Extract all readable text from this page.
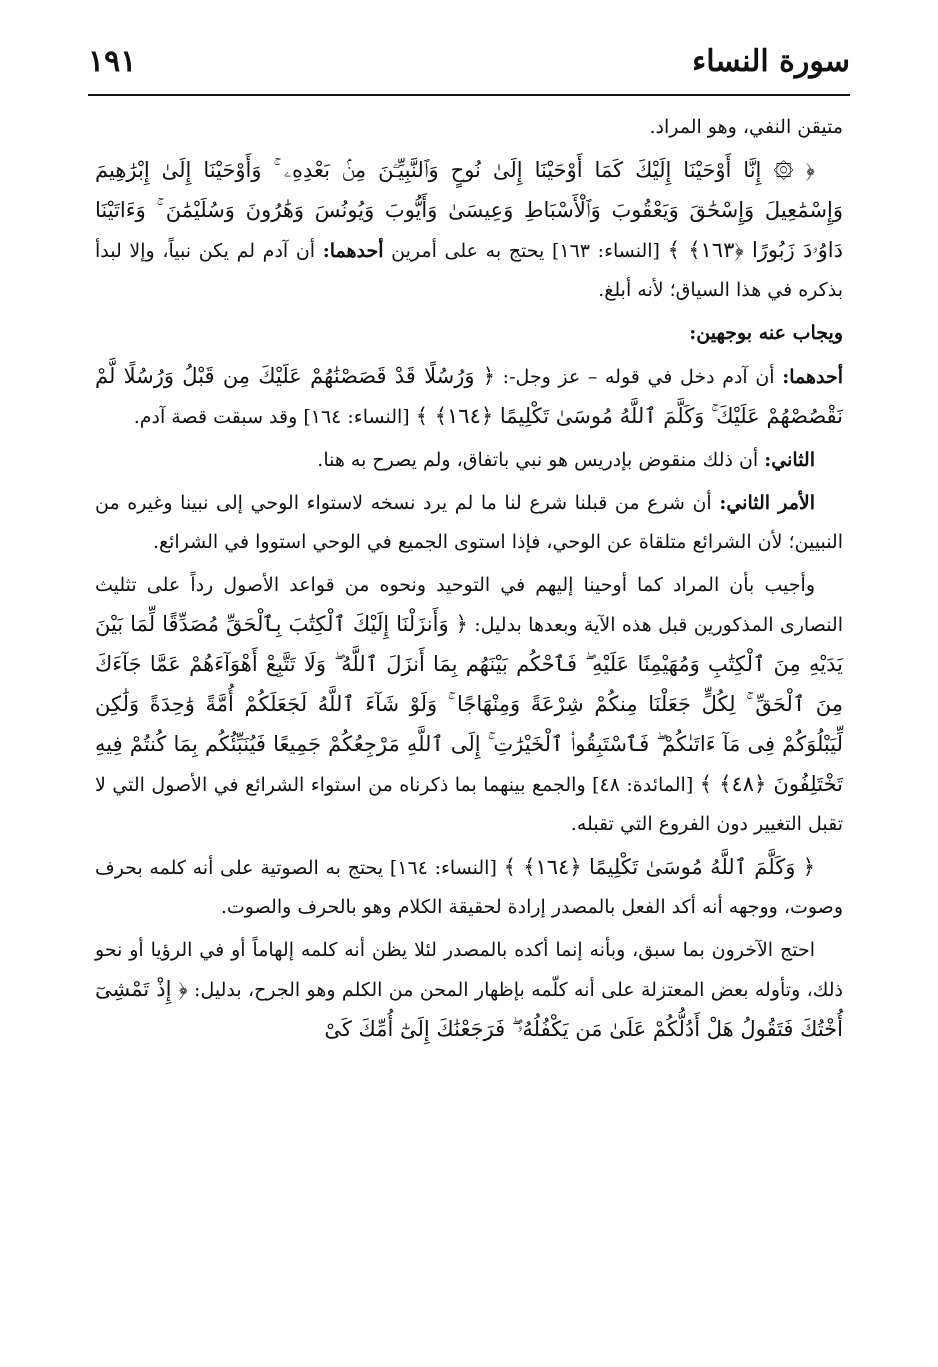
سورة النساء
١٩١

متيقن النفي، وهو المراد.

﴿ ۞ إِنَّا أَوْحَيْنَا إِلَيْكَ كَمَا أَوْحَيْنَا إِلَىٰ نُوحٍ وَٱلنَّبِيِّـۧنَ مِنۢ بَعْدِهِۦ ۚ وَأَوْحَيْنَا إِلَىٰ إِبْرَٰهِيمَ وَإِسْمَٰعِيلَ وَإِسْحَٰقَ وَيَعْقُوبَ وَٱلْأَسْبَاطِ وَعِيسَىٰ وَأَيُّوبَ وَيُونُسَ وَهَٰرُونَ وَسُلَيْمَٰنَ ۚ وَءَاتَيْنَا دَاوُۥدَ زَبُورًا ﴿١٦٣﴾ ﴾ [النساء: ١٦٣] يحتج به على أمرين أحدهما: أن آدم لم يكن نبياً، وإلا لبدأ بذكره في هذا السياق؛ لأنه أبلغ.

ويجاب عنه بوجهين:

أحدهما: أن آدم دخل في قوله – عز وجل-: ﴿ وَرُسُلًا قَدْ قَصَصْنَٰهُمْ عَلَيْكَ مِن قَبْلُ وَرُسُلًا لَّمْ نَقْصُصْهُمْ عَلَيْكَ ۚ وَكَلَّمَ ٱللَّهُ مُوسَىٰ تَكْلِيمًا ﴿١٦٤﴾ ﴾ [النساء: ١٦٤] وقد سبقت قصة آدم.

الثاني: أن ذلك منقوض بإدريس هو نبي باتفاق، ولم يصرح به هنا.

الأمر الثاني: أن شرع من قبلنا شرع لنا ما لم يرد نسخه لاستواء الوحي إلى نبينا وغيره من النبيين؛ لأن الشرائع متلقاة عن الوحي، فإذا استوى الجميع في الوحي استووا في الشرائع.

وأجيب بأن المراد كما أوحينا إليهم في التوحيد ونحوه من قواعد الأصول رداً على تثليث النصارى المذكورين قبل هذه الآية وبعدها بدليل: ﴿ وَأَنزَلْنَا إِلَيْكَ ٱلْكِتَٰبَ بِٱلْحَقِّ مُصَدِّقًا لِّمَا بَيْنَ يَدَيْهِ مِنَ ٱلْكِتَٰبِ وَمُهَيْمِنًا عَلَيْهِ ۖ فَٱحْكُم بَيْنَهُم بِمَا أَنزَلَ ٱللَّهُ ۖ وَلَا تَتَّبِعْ أَهْوَآءَهُمْ عَمَّا جَآءَكَ مِنَ ٱلْحَقِّ ۚ لِكُلٍّ جَعَلْنَا مِنكُمْ شِرْعَةً وَمِنْهَاجًا ۚ وَلَوْ شَآءَ ٱللَّهُ لَجَعَلَكُمْ أُمَّةً وَٰحِدَةً وَلَٰكِن لِّيَبْلُوَكُمْ فِى مَآ ءَاتَىٰكُمْ ۖ فَٱسْتَبِقُوا۟ ٱلْخَيْرَٰتِ ۚ إِلَى ٱللَّهِ مَرْجِعُكُمْ جَمِيعًا فَيُنَبِّئُكُم بِمَا كُنتُمْ فِيهِ تَخْتَلِفُونَ ﴿٤٨﴾ ﴾ [المائدة: ٤٨] والجمع بينهما بما ذكرناه من استواء الشرائع في الأصول التي لا تقبل التغيير دون الفروع التي تقبله.

﴿ وَكَلَّمَ ٱللَّهُ مُوسَىٰ تَكْلِيمًا ﴿١٦٤﴾ ﴾ [النساء: ١٦٤] يحتج به الصوتية على أنه كلمه بحرف وصوت، ووجهه أنه أكد الفعل بالمصدر إرادة لحقيقة الكلام وهو بالحرف والصوت.

احتج الآخرون بما سبق، وبأنه إنما أكده بالمصدر لئلا يظن أنه كلمه إلهاماً أو في الرؤيا أو نحو ذلك، وتأوله بعض المعتزلة على أنه كلّمه بإظهار المحن من الكلم وهو الجرح، بدليل: ﴿ إِذْ تَمْشِىٓ أُخْتُكَ فَتَقُولُ هَلْ أَدُلُّكُمْ عَلَىٰ مَن يَكْفُلُهُۥ ۖ فَرَجَعْنَٰكَ إِلَىٰٓ أُمِّكَ كَىْ
